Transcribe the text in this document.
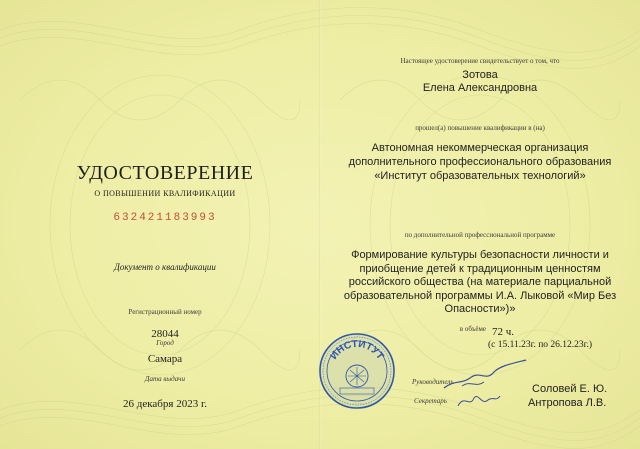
УДОСТОВЕРЕНИЕ
О ПОВЫШЕНИИ КВАЛИФИКАЦИИ
632421183993
Документ о квалификации
Регистрационный номер
28044
Город
Самара
Дата выдачи
26 декабря 2023 г.
Настоящее удостоверение свидетельствует о том, что
Зотова
Елена Александровна
прошел(а) повышение квалификации в (на)
Автономная некоммерческая организация
дополнительного профессионального образования
«Институт образовательных технологий»
по дополнительной профессиональной программе
Формирование культуры безопасности личности и
приобщение детей к традиционным ценностям
российского общества (на материале парциальной
образовательной программы И.А. Лыковой «Мир Без
Опасности»)»
в объёме 72 ч.
(с 15.11.23г. по 26.12.23г.)
Руководитель
Секретарь
Соловей Е. Ю.
Антропова Л.В.
ИНСТИТУТ
